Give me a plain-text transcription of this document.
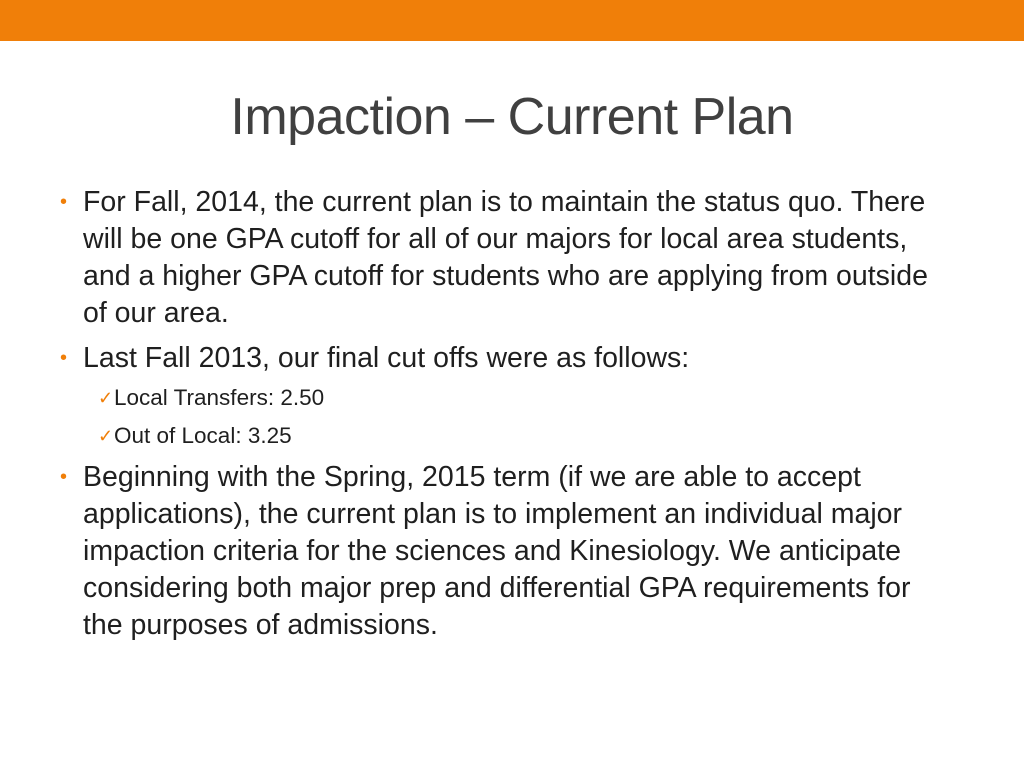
Impaction – Current Plan
• For Fall, 2014, the current plan is to maintain the status quo. There will be one GPA cutoff for all of our majors for local area students, and a higher GPA cutoff for students who are applying from outside of our area.
• Last Fall 2013, our final cut offs were as follows:
✓ Local Transfers: 2.50
✓ Out of Local: 3.25
• Beginning with the Spring, 2015 term (if we are able to accept applications), the current plan is to implement an individual major impaction criteria for the sciences and Kinesiology. We anticipate considering both major prep and differential GPA requirements for the purposes of admissions.
